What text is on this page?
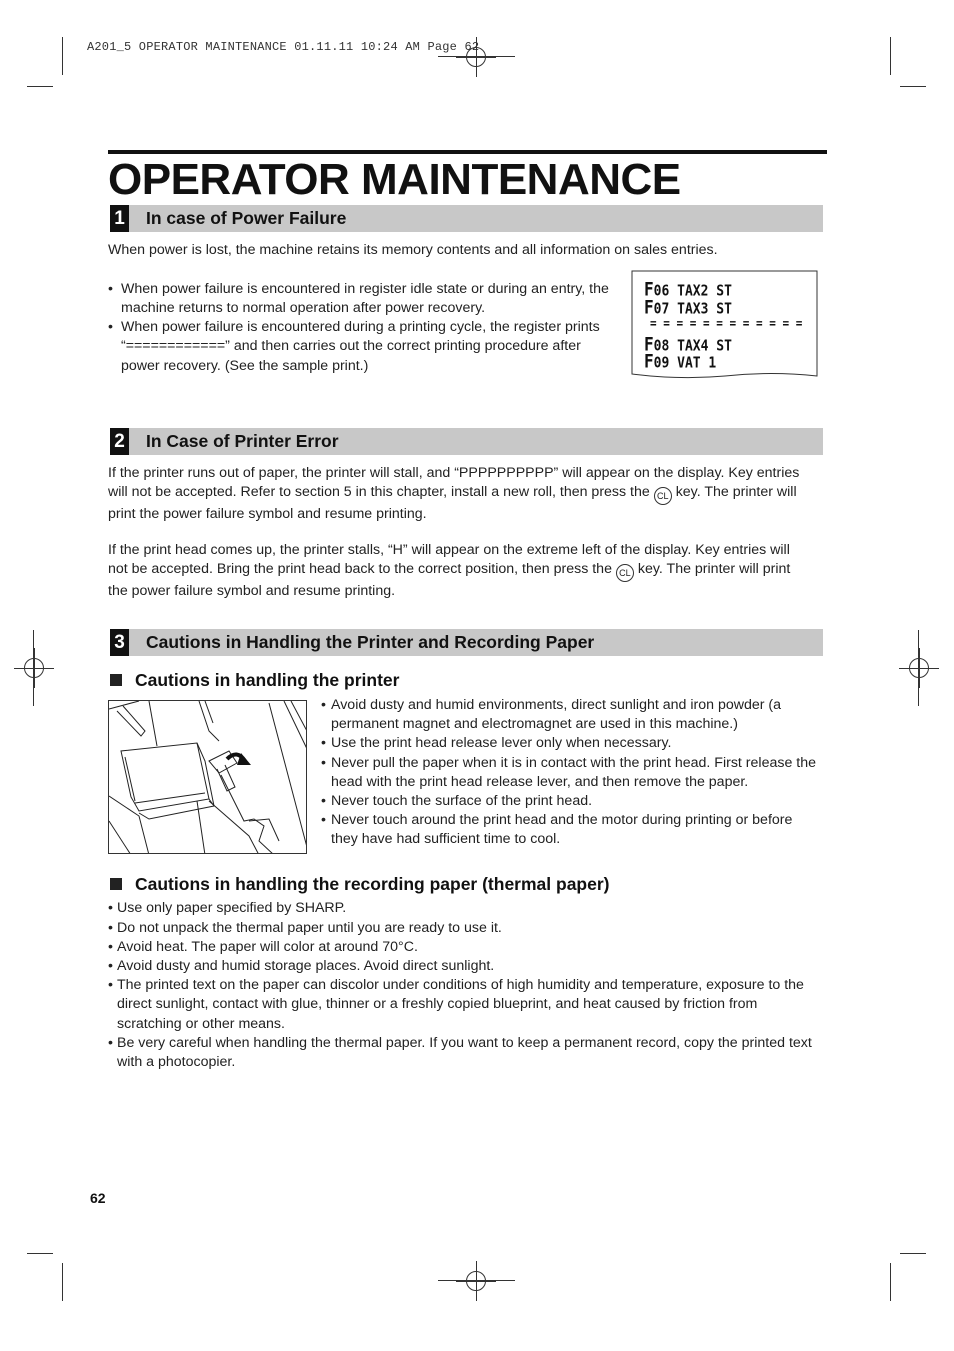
A201_5 OPERATOR MAINTENANCE 01.11.11 10:24 AM Page 62
OPERATOR MAINTENANCE
1 In case of Power Failure
When power is lost, the machine retains its memory contents and all information on sales entries.
• When power failure is encountered in register idle state or during an entry, the
machine returns to normal operation after power recovery.
• When power failure is encountered during a printing cycle, the register prints
“============” and then carries out the correct printing procedure after
power recovery. (See the sample print.)
F06 TAX2 ST
F07 TAX3 ST
= = = = = = = = = = = =
F08 TAX4 ST
F09 VAT 1
2 In Case of Printer Error
If the printer runs out of paper, the printer will stall, and “PPPPPPPPPP” will appear on the display. Key entries
will not be accepted. Refer to section 5 in this chapter, install a new roll, then press the CL key. The printer will
print the power failure symbol and resume printing.
If the print head comes up, the printer stalls, “H” will appear on the extreme left of the display. Key entries will
not be accepted. Bring the print head back to the correct position, then press the CL key. The printer will print
the power failure symbol and resume printing.
3 Cautions in Handling the Printer and Recording Paper
Cautions in handling the printer
• Avoid dusty and humid environments, direct sunlight and iron powder (a
permanent magnet and electromagnet are used in this machine.)
• Use the print head release lever only when necessary.
• Never pull the paper when it is in contact with the print head. First release the
head with the print head release lever, and then remove the paper.
• Never touch the surface of the print head.
• Never touch around the print head and the motor during printing or before
they have had sufficient time to cool.
Cautions in handling the recording paper (thermal paper)
• Use only paper specified by SHARP.
• Do not unpack the thermal paper until you are ready to use it.
• Avoid heat. The paper will color at around 70°C.
• Avoid dusty and humid storage places. Avoid direct sunlight.
• The printed text on the paper can discolor under conditions of high humidity and temperature, exposure to the
direct sunlight, contact with glue, thinner or a freshly copied blueprint, and heat caused by friction from
scratching or other means.
• Be very careful when handling the thermal paper. If you want to keep a permanent record, copy the printed text
with a photocopier.
62
